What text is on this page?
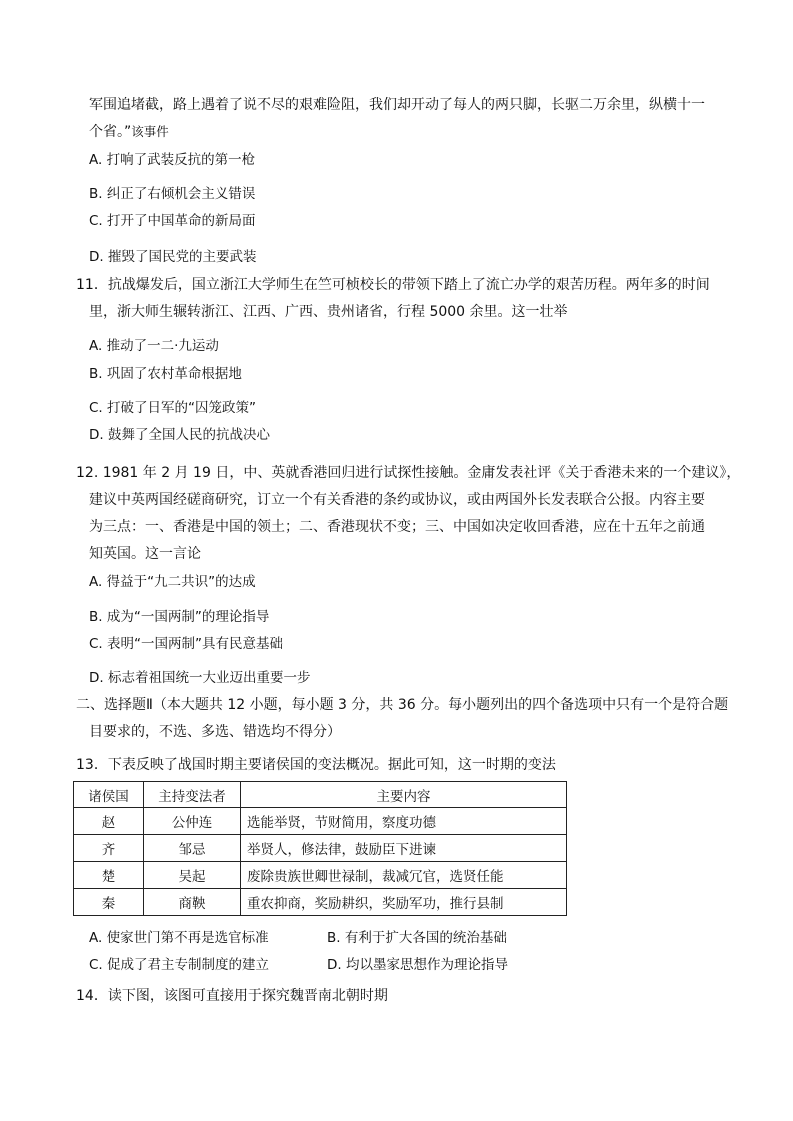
军围追堵截，路上遇着了说不尽的艰难险阻，我们却开动了每人的两只脚，长驱二万余里，纵横十一
个省。”该事件
A. 打响了武装反抗的第一枪
B. 纠正了右倾机会主义错误
C. 打开了中国革命的新局面
D. 摧毁了国民党的主要武装
11．抗战爆发后，国立浙江大学师生在竺可桢校长的带领下踏上了流亡办学的艰苦历程。两年多的时间
里，浙大师生辗转浙江、江西、广西、贵州诸省，行程 5000 余里。这一壮举
A. 推动了一二·九运动
B. 巩固了农村革命根据地
C. 打破了日军的“囚笼政策”
D. 鼓舞了全国人民的抗战决心
12. 1981 年 2 月 19 日，中、英就香港回归进行试探性接触。金庸发表社评《关于香港未来的一个建议》，
建议中英两国经磋商研究，订立一个有关香港的条约或协议，或由两国外长发表联合公报。内容主要
为三点：一、香港是中国的领土；二、香港现状不变；三、中国如决定收回香港，应在十五年之前通
知英国。这一言论
A. 得益于“九二共识”的达成
B. 成为“一国两制”的理论指导
C. 表明“一国两制”具有民意基础
D. 标志着祖国统一大业迈出重要一步
二、选择题Ⅱ（本大题共 12 小题，每小题 3 分，共 36 分。每小题列出的四个备选项中只有一个是符合题
目要求的，不选、多选、错选均不得分）
13．下表反映了战国时期主要诸侯国的变法概况。据此可知，这一时期的变法
诸侯国	主持变法者	主要内容
赵	公仲连	选能举贤，节财简用，察度功德
齐	邹忌	举贤人，修法律，鼓励臣下进谏
楚	吴起	废除贵族世卿世禄制，裁减冗官，选贤任能
秦	商鞅	重农抑商，奖励耕织，奖励军功，推行县制
A. 使家世门第不再是选官标准	B. 有利于扩大各国的统治基础
C. 促成了君主专制制度的建立	D. 均以墨家思想作为理论指导
14．读下图，该图可直接用于探究魏晋南北朝时期
